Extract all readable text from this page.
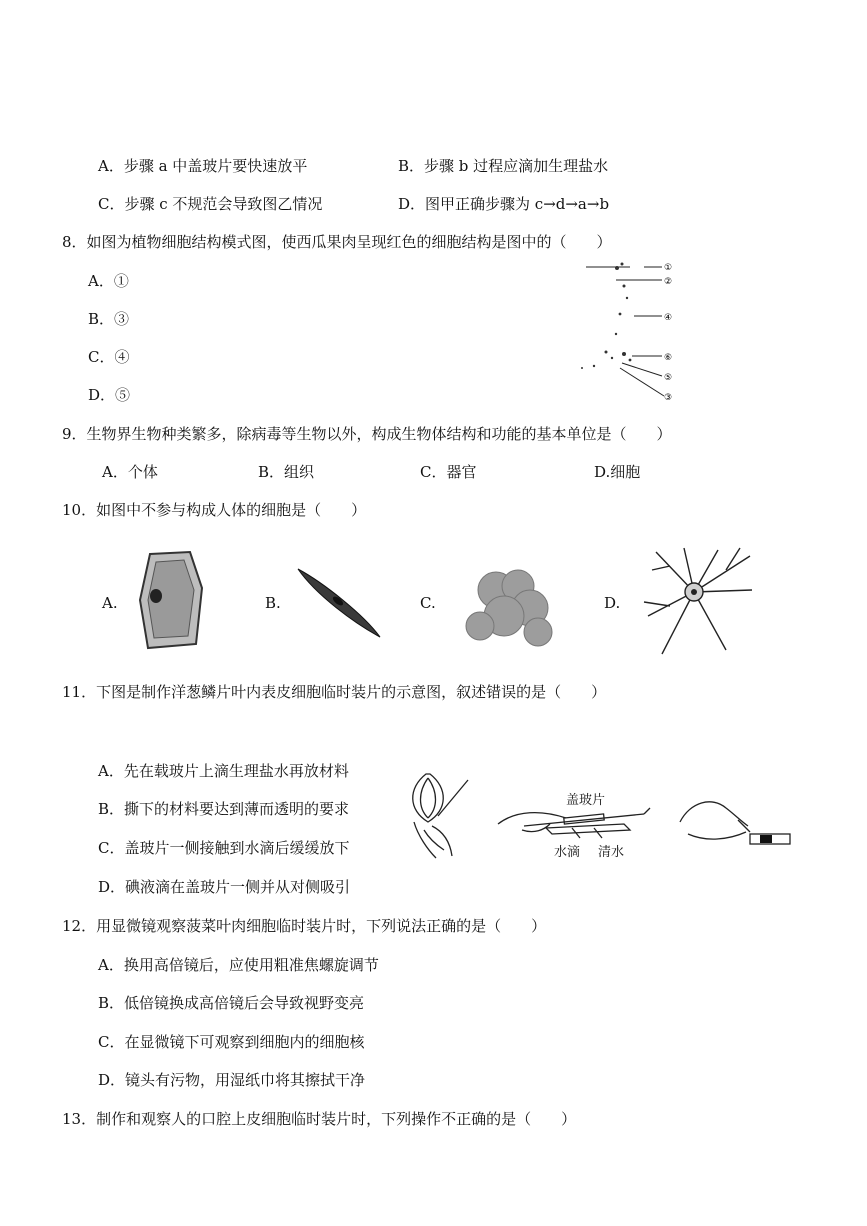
A．步骤 a 中盖玻片要快速放平	B．步骤 b 过程应滴加生理盐水
C．步骤 c 不规范会导致图乙情况	D．图甲正确步骤为 c→d→a→b
8．如图为植物细胞结构模式图，使西瓜果肉呈现红色的细胞结构是图中的（　　）
A．①
B．③
C．④
D．⑤
①
②
④
⑥
⑤
③
9．生物界生物种类繁多，除病毒等生物以外，构成生物体结构和功能的基本单位是（　　）
A．个体	B．组织	C．器官	D.细胞
10．如图中不参与构成人体的细胞是（　　）
A.	B.	C.	D.
11．下图是制作洋葱鳞片叶内表皮细胞临时装片的示意图，叙述错误的是（　　）
A．先在载玻片上滴生理盐水再放材料
B．撕下的材料要达到薄而透明的要求
C．盖玻片一侧接触到水滴后缓缓放下
D．碘液滴在盖玻片一侧并从对侧吸引
盖玻片
水滴 清水
12．用显微镜观察菠菜叶肉细胞临时装片时，下列说法正确的是（　　）
A．换用高倍镜后，应使用粗准焦螺旋调节
B．低倍镜换成高倍镜后会导致视野变亮
C．在显微镜下可观察到细胞内的细胞核
D．镜头有污物，用湿纸巾将其擦拭干净
13．制作和观察人的口腔上皮细胞临时装片时，下列操作不正确的是（　　）
